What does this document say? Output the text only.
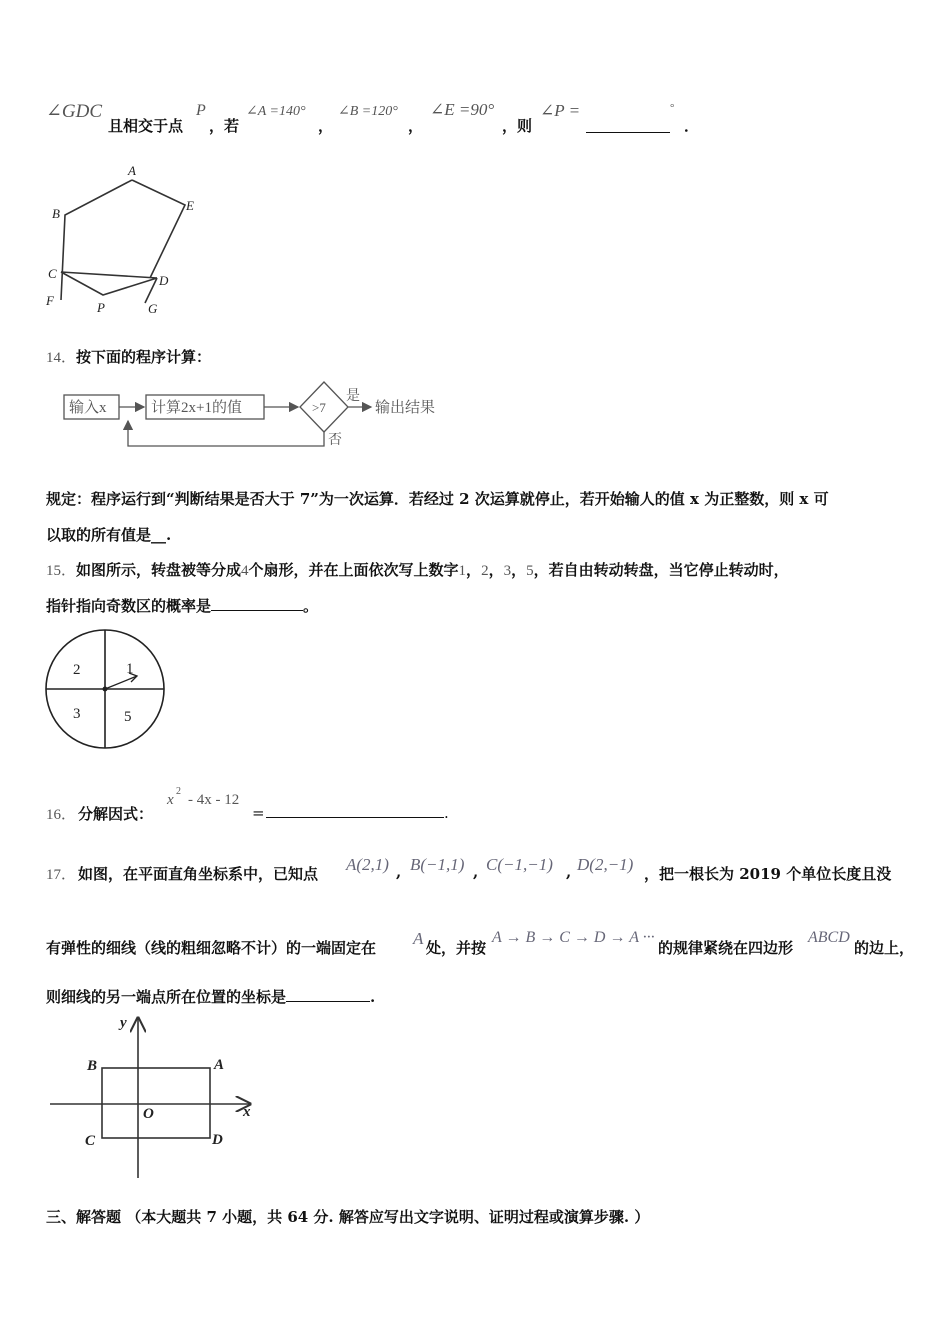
∠GDC
且相交于点
P
，若
∠A =140°
，
∠B =120°
，
∠E =90°
，则
∠P =	°
．
A
B
C	D
E
F
G
P
14．按下面的程序计算：
输入x	计算2x+1的值	>7
是
否
输出结果
规定：程序运行到“判断结果是否大于 7”为一次运算．若经过 2 次运算就停止，若开始输人的值 x 为正整数，则 x 可
以取的所有值是__.
15．如图所示，转盘被等分成4个扇形，并在上面依次写上数字1，2，3，5，若自由转动转盘，当它停止转动时，
指针指向奇数区的概率是	。
2	1
3	5
16． 分解因式：
x
2
- 4x - 12
=	.
17． 如图，在平面直角坐标系中，已知点 A(2,1) , B(−1,1) , C(−1,−1) , D(2,−1) ，把一根长为 2019 个单位长度且没
有弹性的细线（线的粗细忽略不计）的一端固定在 A 处，并按
A → B → C → D → A ···
的规律紧绕在四边形
ABCD
的边上，
则细线的另一端点所在位置的坐标是	.
y
x
O
A
B
C	D
三、解答题 （本大题共 7 小题，共 64 分. 解答应写出文字说明、证明过程或演算步骤. ）
